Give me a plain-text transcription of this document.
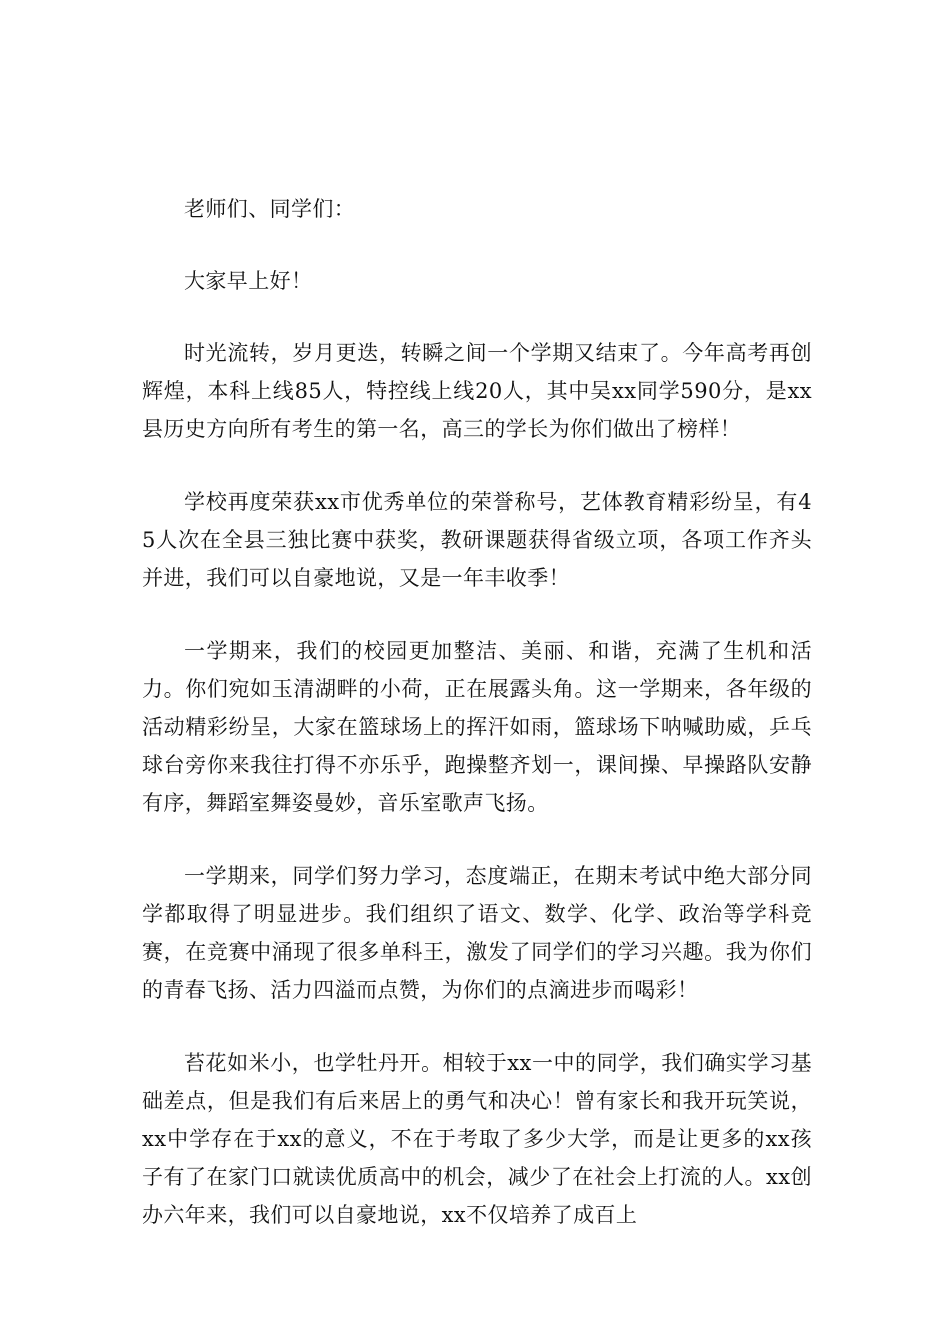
老师们、同学们：

大家早上好！

时光流转，岁月更迭，转瞬之间一个学期又结束了。今年高考再创辉煌，本科上线85人，特控线上线20人，其中吴xx同学590分，是xx县历史方向所有考生的第一名，高三的学长为你们做出了榜样！

学校再度荣获xx市优秀单位的荣誉称号，艺体教育精彩纷呈，有45人次在全县三独比赛中获奖，教研课题获得省级立项，各项工作齐头并进，我们可以自豪地说，又是一年丰收季！

一学期来，我们的校园更加整洁、美丽、和谐，充满了生机和活力。你们宛如玉清湖畔的小荷，正在展露头角。这一学期来，各年级的活动精彩纷呈，大家在篮球场上的挥汗如雨，篮球场下呐喊助威，乒乓球台旁你来我往打得不亦乐乎，跑操整齐划一，课间操、早操路队安静有序，舞蹈室舞姿曼妙，音乐室歌声飞扬。

一学期来，同学们努力学习，态度端正，在期末考试中绝大部分同学都取得了明显进步。我们组织了语文、数学、化学、政治等学科竞赛，在竞赛中涌现了很多单科王，激发了同学们的学习兴趣。我为你们的青春飞扬、活力四溢而点赞，为你们的点滴进步而喝彩！

苔花如米小，也学牡丹开。相较于xx一中的同学，我们确实学习基础差点，但是我们有后来居上的勇气和决心！曾有家长和我开玩笑说，xx中学存在于xx的意义，不在于考取了多少大学，而是让更多的xx孩子有了在家门口就读优质高中的机会，减少了在社会上打流的人。xx创办六年来，我们可以自豪地说，xx不仅培养了成百上
